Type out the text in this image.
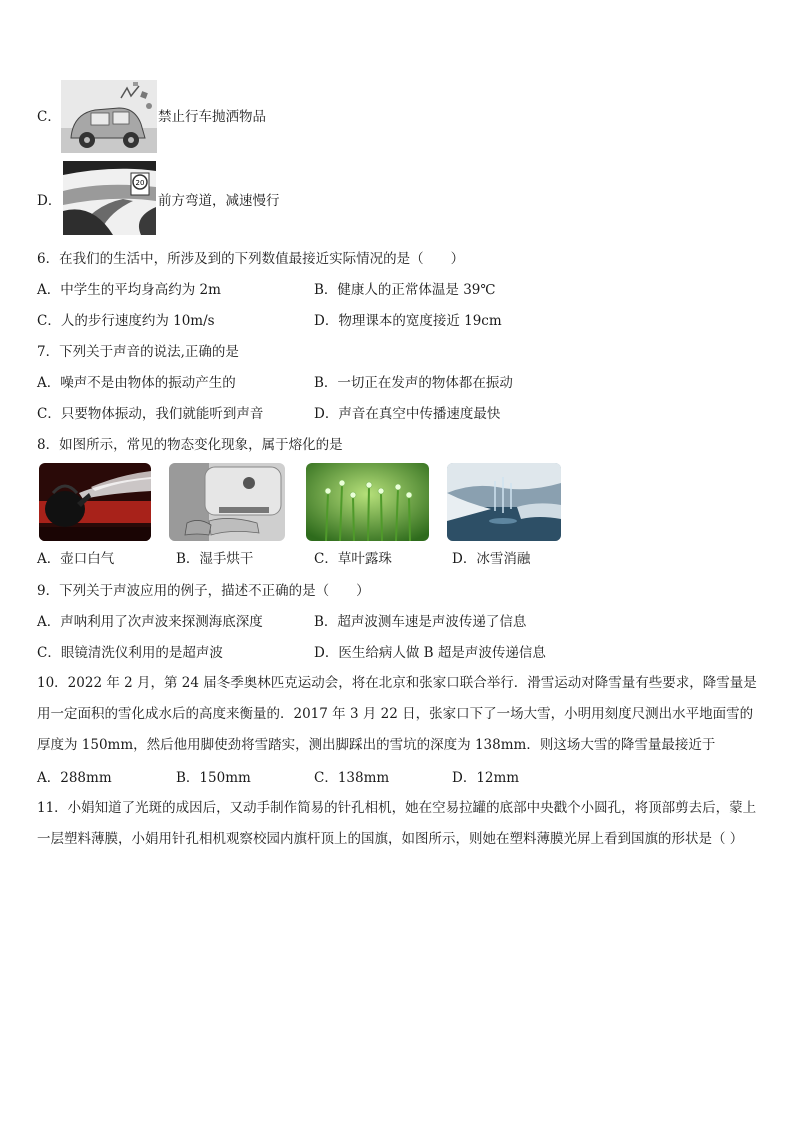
C．	禁止行车抛洒物品
D．
20
前方弯道，减速慢行
6．在我们的生活中，所涉及到的下列数值最接近实际情况的是（　　）
A．中学生的平均身高约为 2m	B．健康人的正常体温是 39℃
C．人的步行速度约为 10m/s	D．物理课本的宽度接近 19cm
7．下列关于声音的说法,正确的是
A．噪声不是由物体的振动产生的	B．一切正在发声的物体都在振动
C．只要物体振动，我们就能听到声音	D．声音在真空中传播速度最快
8．如图所示，常见的物态变化现象，属于熔化的是
A．壶口白气	B．湿手烘干	C．草叶露珠	D．冰雪消融
9．下列关于声波应用的例子，描述不正确的是（　　）
A．声呐利用了次声波来探测海底深度	B．超声波测车速是声波传递了信息
C．眼镜清洗仪利用的是超声波	D．医生给病人做 B 超是声波传递信息
10．2022 年 2 月，第 24 届冬季奥林匹克运动会，将在北京和张家口联合举行．滑雪运动对降雪量有些要求，降雪量是用一定面积的雪化成水后的高度来衡量的．2017 年 3 月 22 日，张家口下了一场大雪，小明用刻度尺测出水平地面雪的厚度为 150mm，然后他用脚使劲将雪踏实，测出脚踩出的雪坑的深度为 138mm．则这场大雪的降雪量最接近于
A．288mm	B．150mm	C．138mm	D．12mm
11．小娟知道了光斑的成因后，又动手制作简易的针孔相机，她在空易拉罐的底部中央戳个小圆孔，将顶部剪去后，蒙上一层塑料薄膜，小娟用针孔相机观察校园内旗杆顶上的国旗，如图所示，则她在塑料薄膜光屏上看到国旗的形状是（ ）
